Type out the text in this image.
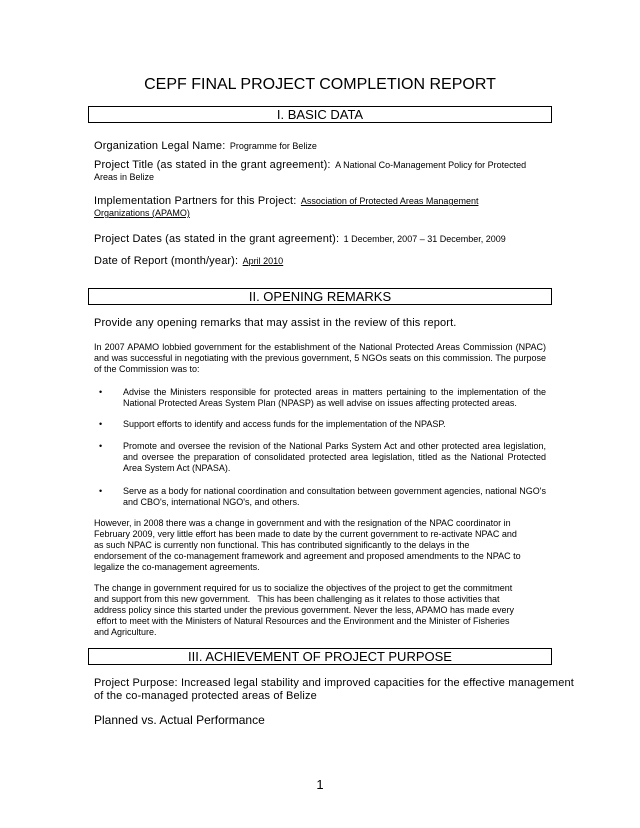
CEPF FINAL PROJECT COMPLETION REPORT
I. BASIC DATA
Organization Legal Name: Programme for Belize
Project Title (as stated in the grant agreement): A National Co-Management Policy for Protected
Areas in Belize
Implementation Partners for this Project: Association of Protected Areas Management
Organizations (APAMO)
Project Dates (as stated in the grant agreement): 1 December, 2007 – 31 December, 2009
Date of Report (month/year): April 2010
II. OPENING REMARKS
Provide any opening remarks that may assist in the review of this report.
In 2007 APAMO lobbied government for the establishment of the National Protected Areas Commission (NPAC) and was successful in negotiating with the previous government, 5 NGOs seats on this commission. The purpose of the Commission was to:
• Advise the Ministers responsible for protected areas in matters pertaining to the implementation of the National Protected Areas System Plan (NPASP) as well advise on issues affecting protected areas.
• Support efforts to identify and access funds for the implementation of the NPASP.
• Promote and oversee the revision of the National Parks System Act and other protected area legislation, and oversee the preparation of consolidated protected area legislation, titled as the National Protected Area System Act (NPASA).
• Serve as a body for national coordination and consultation between government agencies, national NGO's and CBO's, international NGO's, and others.
However, in 2008 there was a change in government and with the resignation of the NPAC coordinator in
February 2009, very little effort has been made to date by the current government to re-activate NPAC and
as such NPAC is currently non functional. This has contributed significantly to the delays in the
endorsement of the co-management framework and agreement and proposed amendments to the NPAC to
legalize the co-management agreements.
The change in government required for us to socialize the objectives of the project to get the commitment
and support from this new government.   This has been challenging as it relates to those activities that
address policy since this started under the previous government. Never the less, APAMO has made every
effort to meet with the Ministers of Natural Resources and the Environment and the Minister of Fisheries
and Agriculture.
III. ACHIEVEMENT OF PROJECT PURPOSE
Project Purpose: Increased legal stability and improved capacities for the effective management
of the co-managed protected areas of Belize
Planned vs. Actual Performance
1
